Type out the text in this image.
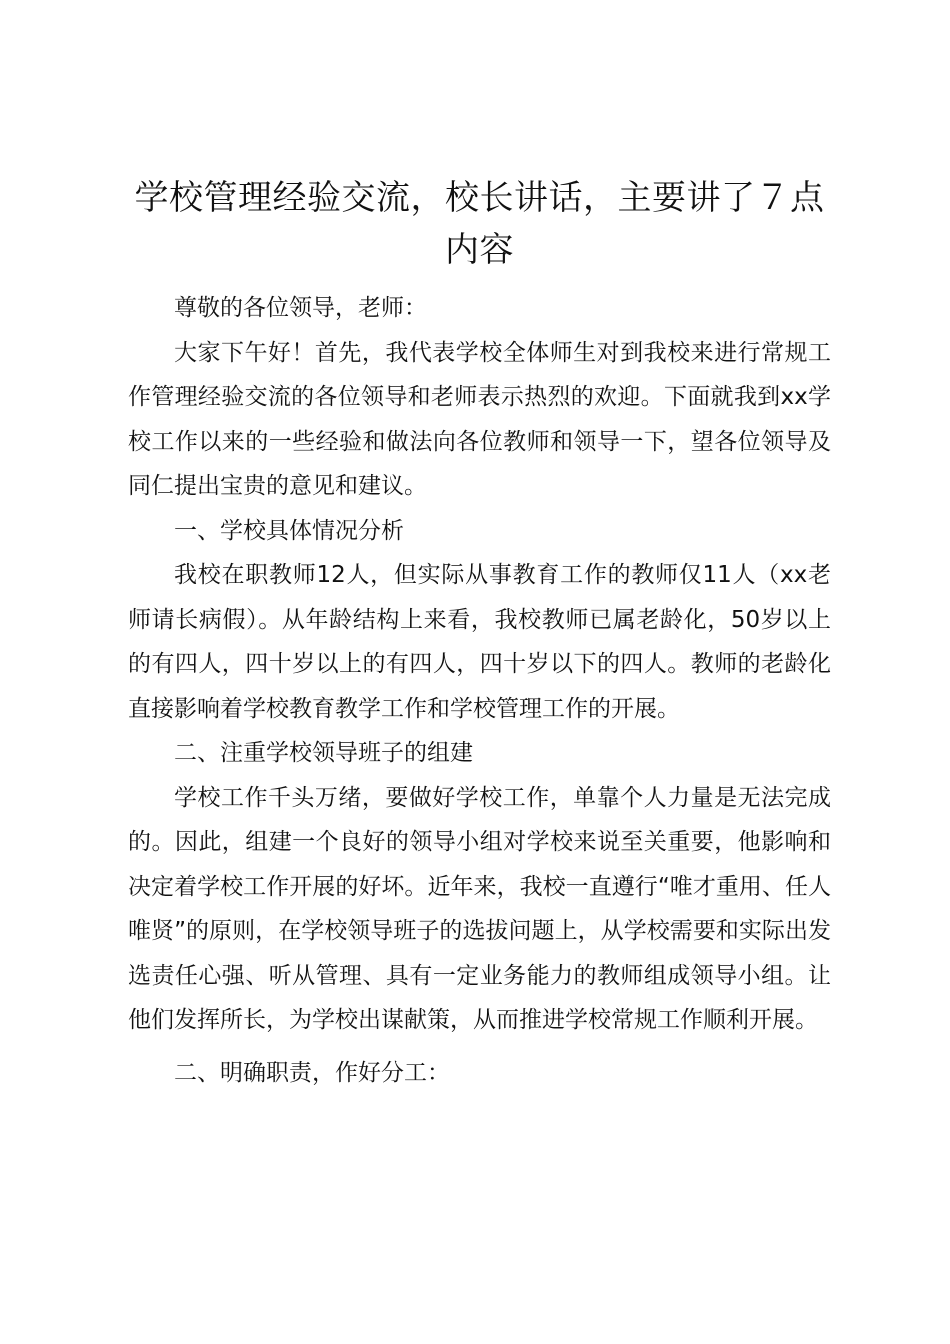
学校管理经验交流，校长讲话，主要讲了７点内容

尊敬的各位领导，老师：

大家下午好！首先，我代表学校全体师生对到我校来进行常规工作管理经验交流的各位领导和老师表示热烈的欢迎。下面就我到xx学校工作以来的一些经验和做法向各位教师和领导一下，望各位领导及同仁提出宝贵的意见和建议。

一、学校具体情况分析

我校在职教师12人，但实际从事教育工作的教师仅11人（xx老师请长病假）。从年龄结构上来看，我校教师已属老龄化，50岁以上的有四人，四十岁以上的有四人，四十岁以下的四人。教师的老龄化直接影响着学校教育教学工作和学校管理工作的开展。

二、注重学校领导班子的组建

学校工作千头万绪，要做好学校工作，单靠个人力量是无法完成的。因此，组建一个良好的领导小组对学校来说至关重要，他影响和决定着学校工作开展的好坏。近年来，我校一直遵行“唯才重用、任人唯贤”的原则，在学校领导班子的选拔问题上，从学校需要和实际出发选责任心强、听从管理、具有一定业务能力的教师组成领导小组。让他们发挥所长，为学校出谋献策，从而推进学校常规工作顺利开展。

二、明确职责，作好分工：
